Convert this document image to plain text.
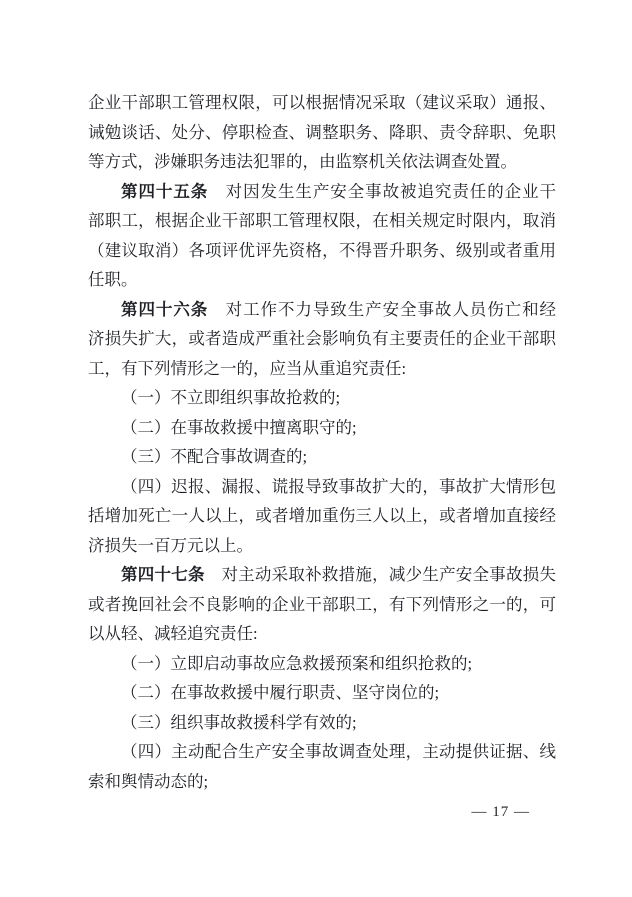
企业干部职工管理权限，可以根据情况采取（建议采取）通报、
诫勉谈话、处分、停职检查、调整职务、降职、责令辞职、免职
等方式，涉嫌职务违法犯罪的，由监察机关依法调查处置。
第四十五条　对因发生生产安全事故被追究责任的企业干
部职工，根据企业干部职工管理权限，在相关规定时限内，取消
（建议取消）各项评优评先资格，不得晋升职务、级别或者重用
任职。
第四十六条　对工作不力导致生产安全事故人员伤亡和经
济损失扩大，或者造成严重社会影响负有主要责任的企业干部职
工，有下列情形之一的，应当从重追究责任:
（一）不立即组织事故抢救的;
（二）在事故救援中擅离职守的;
（三）不配合事故调查的;
（四）迟报、漏报、谎报导致事故扩大的，事故扩大情形包
括增加死亡一人以上，或者增加重伤三人以上，或者增加直接经
济损失一百万元以上。
第四十七条　对主动采取补救措施，减少生产安全事故损失
或者挽回社会不良影响的企业干部职工，有下列情形之一的，可
以从轻、减轻追究责任:
（一）立即启动事故应急救援预案和组织抢救的;
（二）在事故救援中履行职责、坚守岗位的;
（三）组织事故救援科学有效的;
（四）主动配合生产安全事故调查处理，主动提供证据、线
索和舆情动态的;
— 17 —
